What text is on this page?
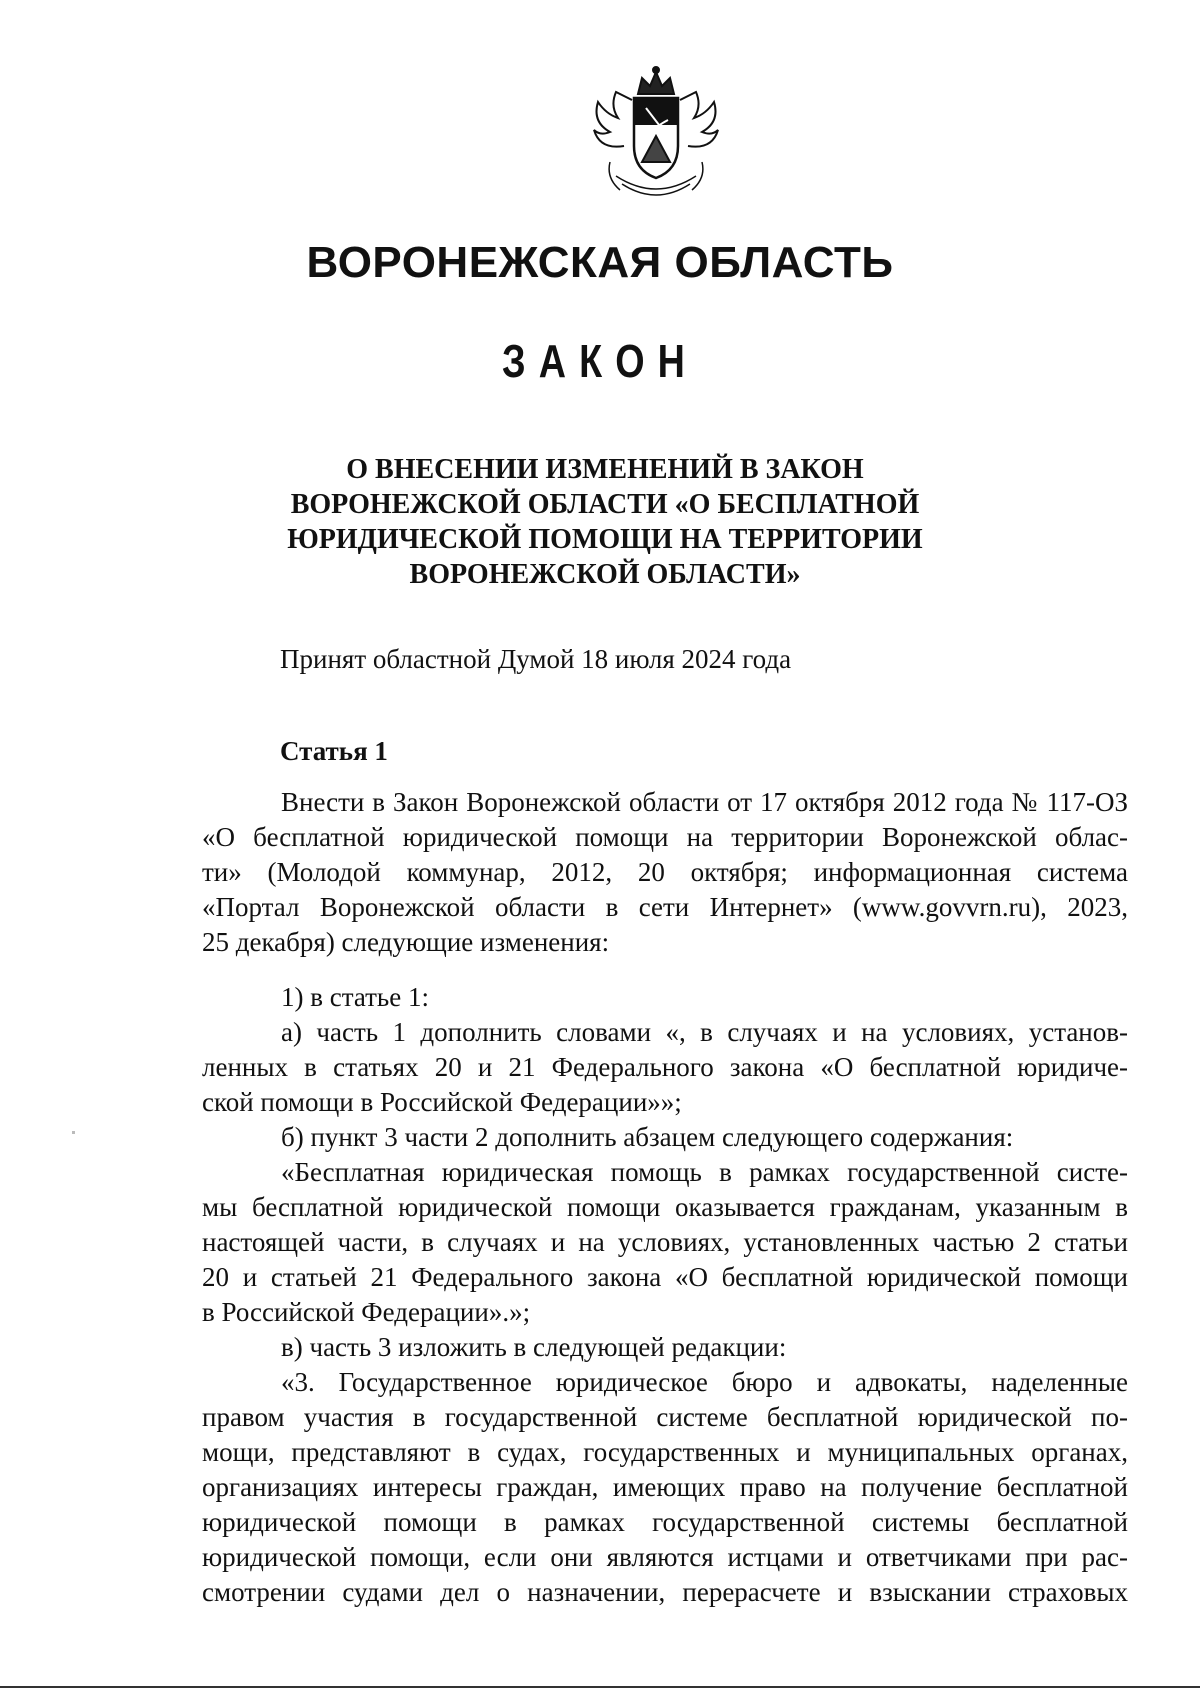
ВОРОНЕЖСКАЯ ОБЛАСТЬ
ЗАКОН
О ВНЕСЕНИИ ИЗМЕНЕНИЙ В ЗАКОН
ВОРОНЕЖСКОЙ ОБЛАСТИ «О БЕСПЛАТНОЙ
ЮРИДИЧЕСКОЙ ПОМОЩИ НА ТЕРРИТОРИИ
ВОРОНЕЖСКОЙ ОБЛАСТИ»
Принят областной Думой 18 июля 2024 года
Статья 1
Внести в Закон Воронежской области от 17 октября 2012 года № 117-ОЗ
«О бесплатной юридической помощи на территории Воронежской облас-
ти» (Молодой коммунар, 2012, 20 октября; информационная система
«Портал Воронежской области в сети Интернет» (www.govvrn.ru), 2023,
25 декабря) следующие изменения:
1) в статье 1:
а) часть 1 дополнить словами «, в случаях и на условиях, установ-
ленных в статьях 20 и 21 Федерального закона «О бесплатной юридиче-
ской помощи в Российской Федерации»»;
б) пункт 3 части 2 дополнить абзацем следующего содержания:
«Бесплатная юридическая помощь в рамках государственной систе-
мы бесплатной юридической помощи оказывается гражданам, указанным в
настоящей части, в случаях и на условиях, установленных частью 2 статьи
20 и статьей 21 Федерального закона «О бесплатной юридической помощи
в Российской Федерации».»;
в) часть 3 изложить в следующей редакции:
«3. Государственное юридическое бюро и адвокаты, наделенные
правом участия в государственной системе бесплатной юридической по-
мощи, представляют в судах, государственных и муниципальных органах,
организациях интересы граждан, имеющих право на получение бесплатной
юридической помощи в рамках государственной системы бесплатной
юридической помощи, если они являются истцами и ответчиками при рас-
смотрении судами дел о назначении, перерасчете и взыскании страховых
